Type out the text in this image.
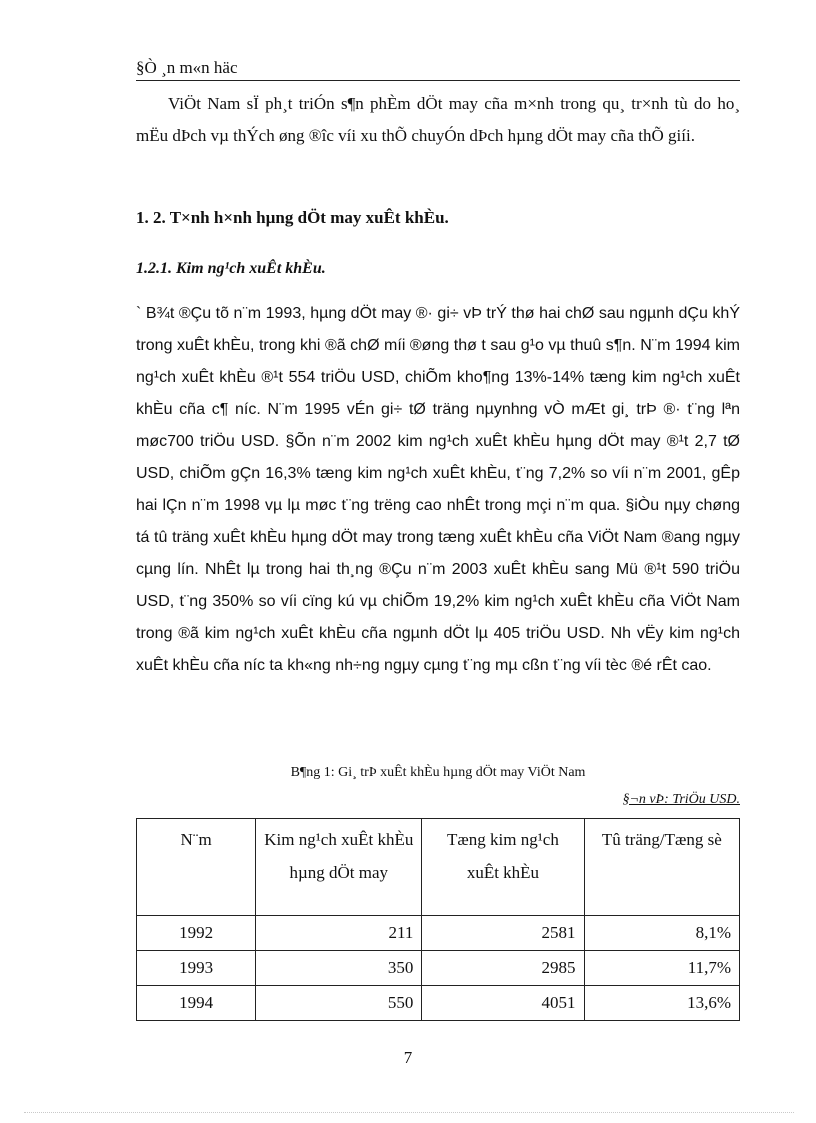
§Ò ¸n m«n häc
ViÖt Nam sÏ ph¸t triÓn s¶n phÈm dÖt may cña m×nh trong qu¸ tr×nh tù do ho¸ mËu dÞch vµ thÝch øng ®îc víi xu thÕ chuyÓn dÞch hµng dÖt may cña thÕ giíi.
1. 2. T×nh h×nh hµng dÖt may xuÊt khÈu.
1.2.1. Kim ng¹ch xuÊt khÈu.
` B¾t ®Çu tõ n¨m 1993, hµng dÖt may ®· gi÷ vÞ trÝ thø hai chØ sau ngµnh dÇu khÝ trong xuÊt khÈu, trong khi ®ã chØ míi ®øng thø t sau g¹o vµ thuû s¶n. N¨m 1994 kim ng¹ch xuÊt khÈu ®¹t 554 triÖu USD, chiÕm kho¶ng 13%-14% tæng kim ng¹ch xuÊt khÈu cña c¶ níc. N¨m 1995 vÉn gi÷ tØ träng nµynhng vÒ mÆt gi¸ trÞ ®· t¨ng lªn møc700 triÖu USD. §Õn n¨m 2002 kim ng¹ch xuÊt khÈu hµng dÖt may ®¹t 2,7 tØ USD, chiÕm gÇn 16,3% tæng kim ng¹ch xuÊt khÈu, t¨ng 7,2% so víi n¨m 2001, gÊp hai lÇn n¨m 1998 vµ lµ møc t¨ng trëng cao nhÊt trong mçi n¨m qua. §iÒu nµy chøng tá tû träng xuÊt khÈu hµng dÖt may trong tæng xuÊt khÈu cña ViÖt Nam ®ang ngµy cµng lín. NhÊt lµ trong hai th¸ng ®Çu n¨m 2003 xuÊt khÈu sang Mü ®¹t 590 triÖu USD, t¨ng 350% so víi cïng kú vµ chiÕm 19,2% kim ng¹ch xuÊt khÈu cña ViÖt Nam trong ®ã kim ng¹ch xuÊt khÈu cña ngµnh dÖt lµ 405 triÖu USD. Nh vËy kim ng¹ch xuÊt khÈu cña níc ta kh«ng nh÷ng ngµy cµng t¨ng mµ cßn t¨ng víi tèc ®é rÊt cao.
B¶ng 1: Gi¸ trÞ xuÊt khÈu hµng dÖt may ViÖt Nam
§¬n vÞ: TriÖu USD.
N¨m	Kim ng¹ch xuÊt khÈu hµng dÖt may	Tæng kim ng¹ch xuÊt khÈu	Tû träng/Tæng sè
1992	211	2581	8,1%
1993	350	2985	11,7%
1994	550	4051	13,6%
7
